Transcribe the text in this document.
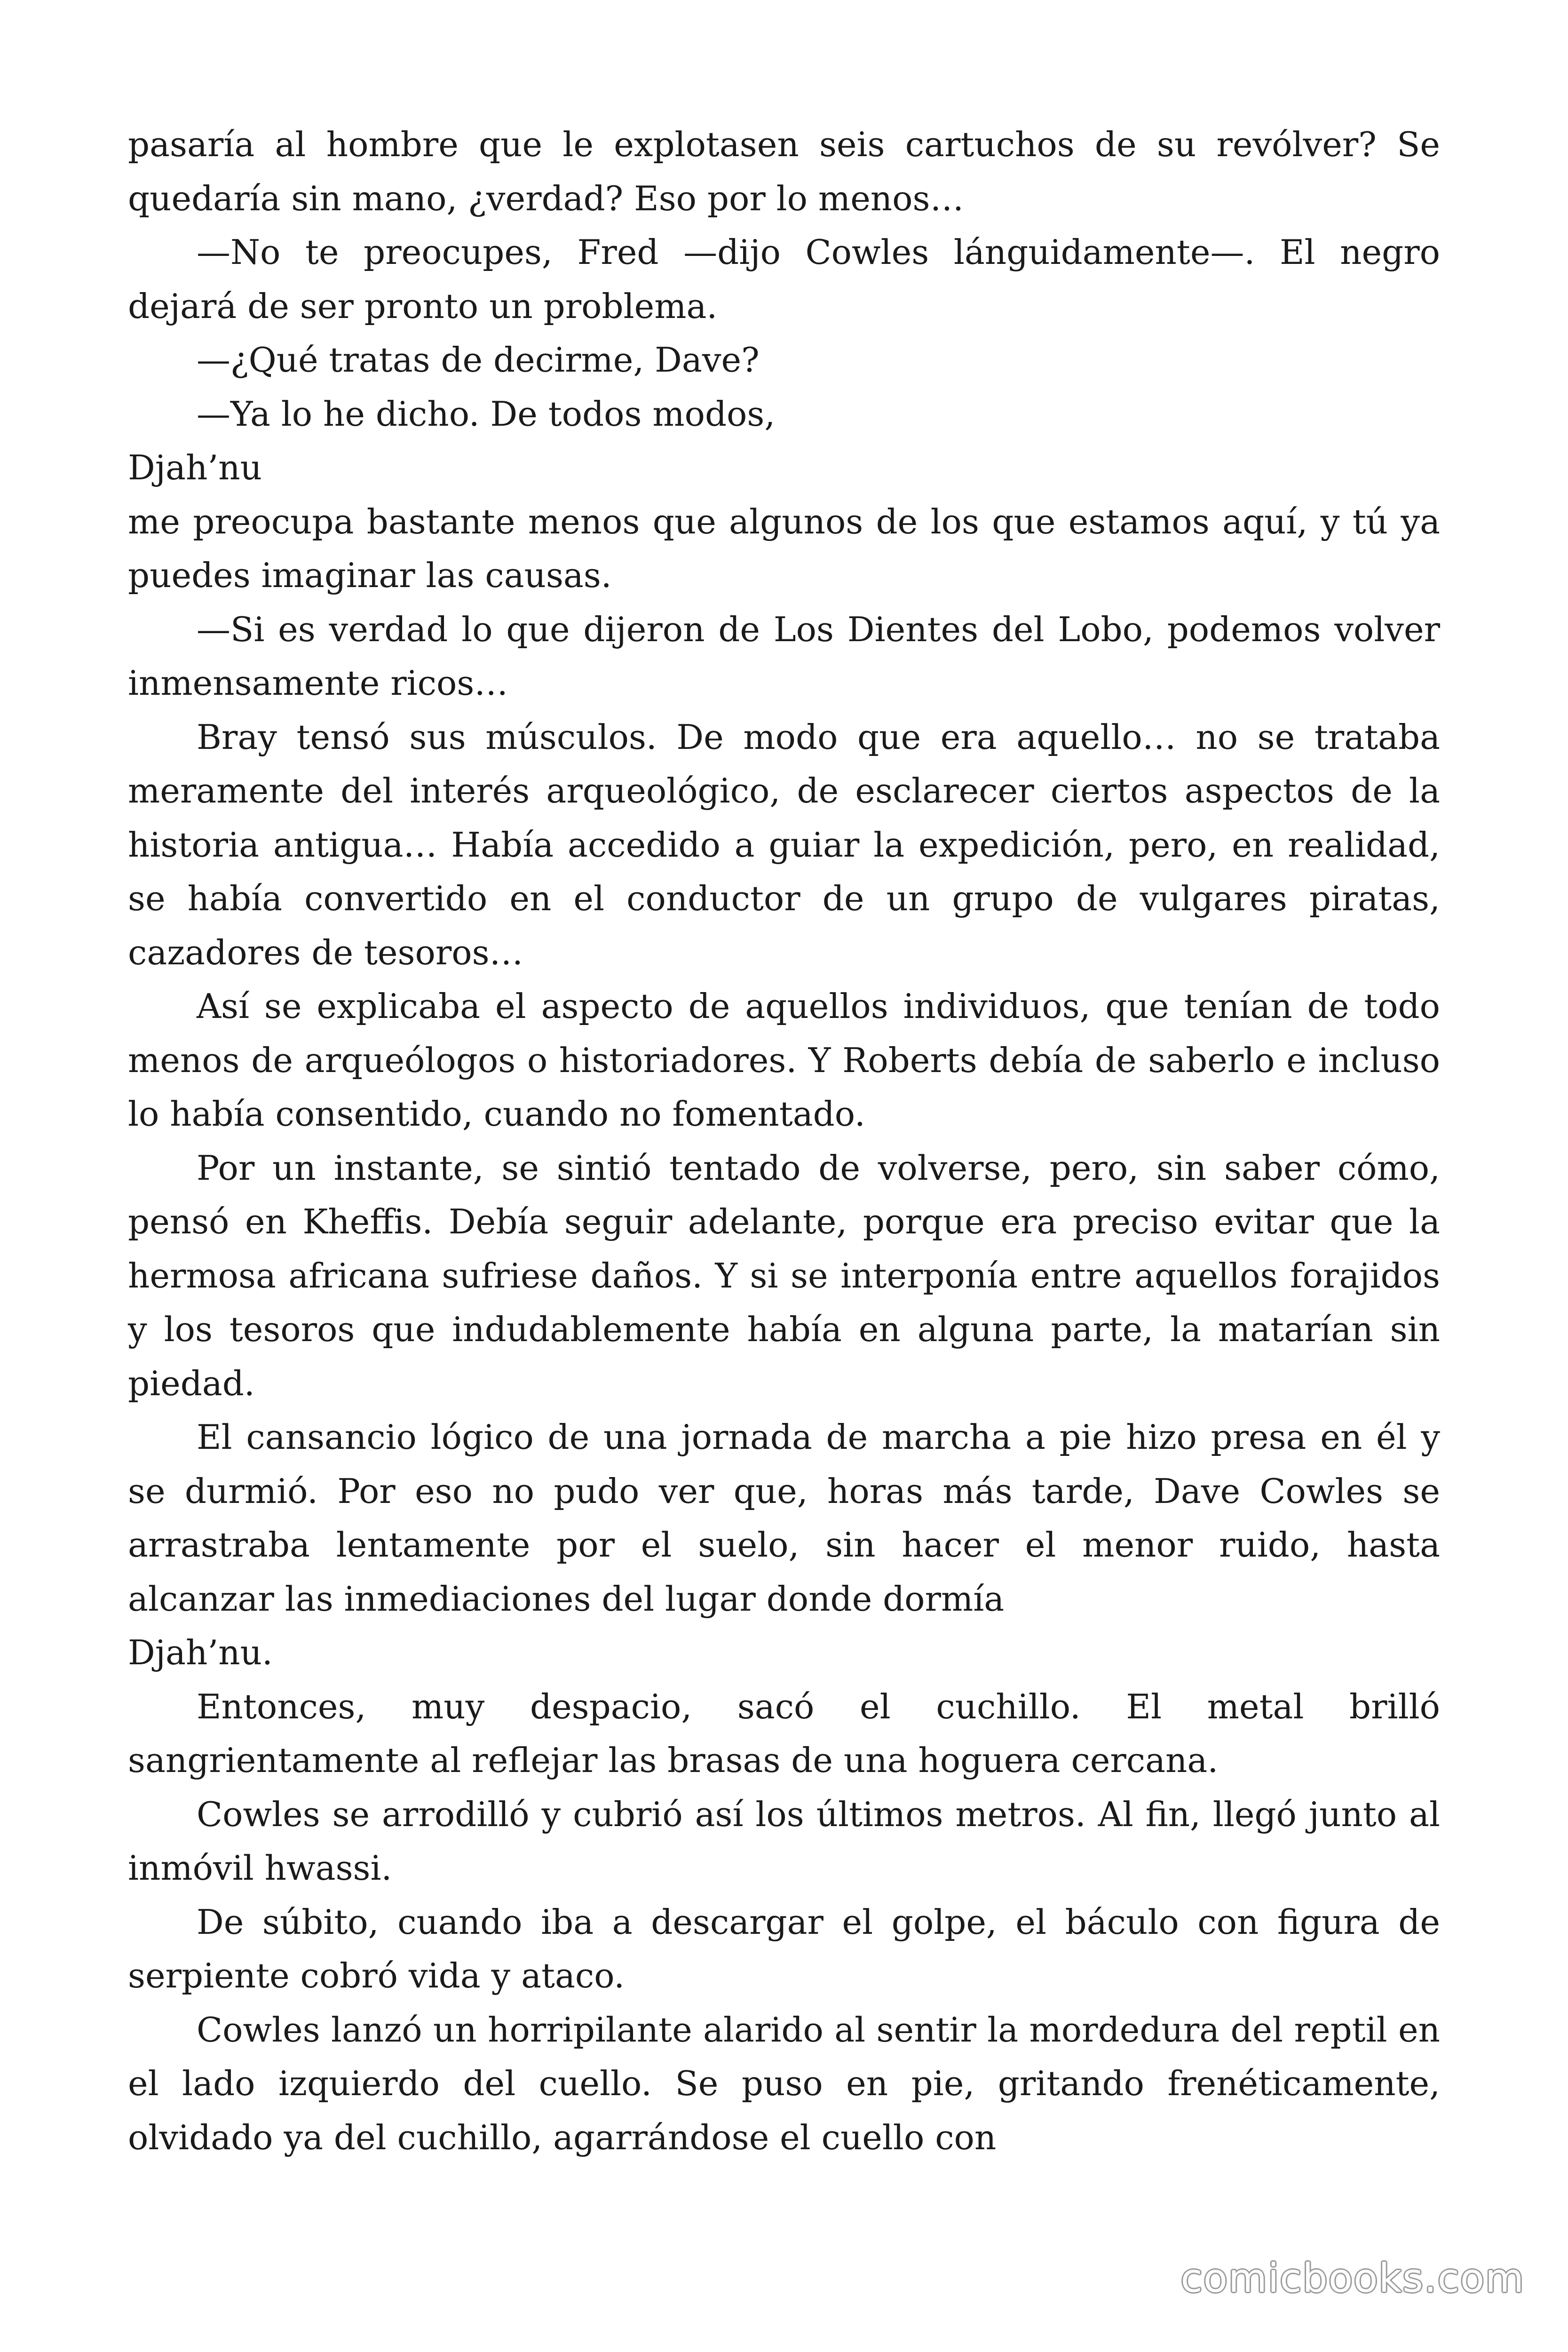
pasaría al hombre que le explotasen seis cartuchos de su revólver? Se quedaría sin mano, ¿verdad? Eso por lo menos…

—No te preocupes, Fred —dijo Cowles lánguidamente—. El negro dejará de ser pronto un problema.

—¿Qué tratas de decirme, Dave?

—Ya lo he dicho. De todos modos,

Djah’nu

me preocupa bastante menos que algunos de los que estamos aquí, y tú ya puedes imaginar las causas.

—Si es verdad lo que dijeron de Los Dientes del Lobo, podemos volver inmensamente ricos…

Bray tensó sus músculos. De modo que era aquello… no se trataba meramente del interés arqueológico, de esclarecer ciertos aspectos de la historia antigua… Había accedido a guiar la expedición, pero, en realidad, se había convertido en el conductor de un grupo de vulgares piratas, cazadores de tesoros…

Así se explicaba el aspecto de aquellos individuos, que tenían de todo menos de arqueólogos o historiadores. Y Roberts debía de saberlo e incluso lo había consentido, cuando no fomentado.

Por un instante, se sintió tentado de volverse, pero, sin saber cómo, pensó en Kheffis. Debía seguir adelante, porque era preciso evitar que la hermosa africana sufriese daños. Y si se interponía entre aquellos forajidos y los tesoros que indudablemente había en alguna parte, la matarían sin piedad.

El cansancio lógico de una jornada de marcha a pie hizo presa en él y se durmió. Por eso no pudo ver que, horas más tarde, Dave Cowles se arrastraba lentamente por el suelo, sin hacer el menor ruido, hasta alcanzar las inmediaciones del lugar donde dormía

Djah’nu.

Entonces, muy despacio, sacó el cuchillo. El metal brilló sangrientamente al reflejar las brasas de una hoguera cercana.

Cowles se arrodilló y cubrió así los últimos metros. Al fin, llegó junto al inmóvil hwassi.

De súbito, cuando iba a descargar el golpe, el báculo con figura de serpiente cobró vida y ataco.

Cowles lanzó un horripilante alarido al sentir la mordedura del reptil en el lado izquierdo del cuello. Se puso en pie, gritando frenéticamente, olvidado ya del cuchillo, agarrándose el cuello con

comicbooks.com
